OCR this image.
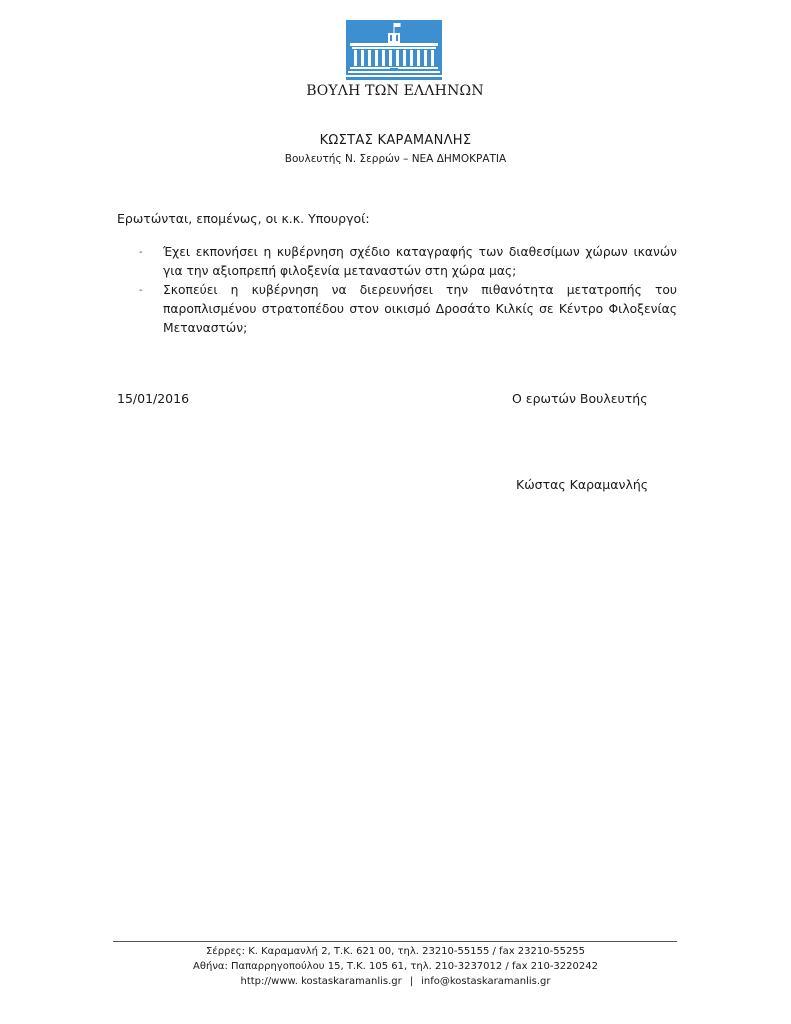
ΒΟΥΛΗ ΤΩΝ ΕΛΛΗΝΩΝ
ΚΩΣΤΑΣ ΚΑΡΑΜΑΝΛΗΣ
Βουλευτής Ν. Σερρών – ΝΕΑ ΔΗΜΟΚΡΑΤΙΑ
Ερωτώνται, επομένως, οι κ.κ. Υπουργοί:
- Έχει εκπονήσει η κυβέρνηση σχέδιο καταγραφής των διαθεσίμων χώρων ικανών για την αξιοπρεπή φιλοξενία μεταναστών στη χώρα μας;
- Σκοπεύει η κυβέρνηση να διερευνήσει την πιθανότητα μετατροπής του παροπλισμένου στρατοπέδου στον οικισμό Δροσάτο Κιλκίς σε Κέντρο Φιλοξενίας Μεταναστών;
15/01/2016	Ο ερωτών Βουλευτής
Κώστας Καραμανλής
Σέρρες: Κ. Καραμανλή 2, Τ.Κ. 621 00, τηλ. 23210-55155 / fax 23210-55255
Αθήνα: Παπαρρηγοπούλου 15, Τ.Κ. 105 61, τηλ. 210-3237012 / fax 210-3220242
http://www. kostaskaramanlis.gr | info@kostaskaramanlis.gr
